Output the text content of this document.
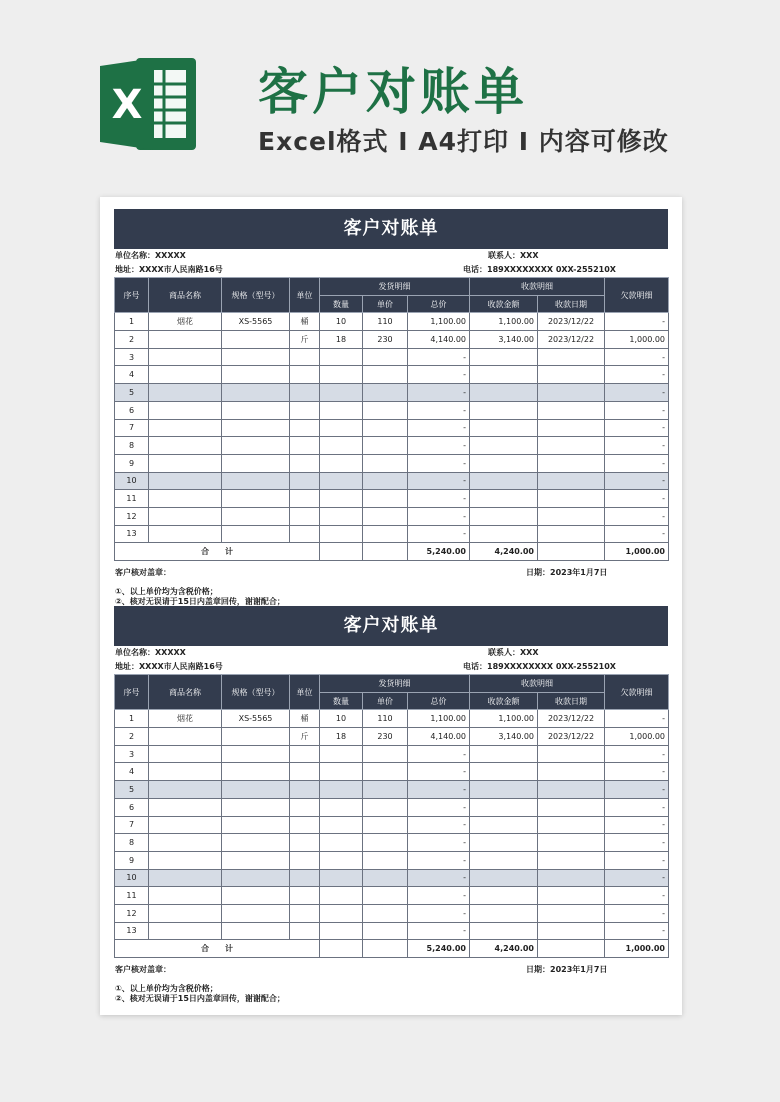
X 客户对账单
Excel格式 I A4打印 I 内容可修改
客户对账单
单位名称：XXXXX	联系人：XXX
地址：XXXX市人民南路16号	电话：189XXXXXXXX 0XX-255210X
序号	商品名称	规格（型号）	单位	发货明细			收款明细		欠款明细
				数量	单价	总价	收款金额	收款日期	
1	烟花	XS-5565	桶	10	110	1,100.00	1,100.00	2023/12/22	-
2			斤	18	230	4,140.00	3,140.00	2023/12/22	1,000.00
3						-			-
4						-			-
5						-			-
6						-			-
7						-			-
8						-			-
9						-			-
10						-			-
11						-			-
12						-			-
13						-			-
合　　计						5,240.00	4,240.00		1,000.00
客户核对盖章：	日期：2023年1月7日
①、以上单价均为含税价格；
②、核对无误请于15日内盖章回传，谢谢配合；
客户对账单
单位名称：XXXXX	联系人：XXX
地址：XXXX市人民南路16号	电话：189XXXXXXXX 0XX-255210X
序号	商品名称	规格（型号）	单位	发货明细			收款明细		欠款明细
				数量	单价	总价	收款金额	收款日期	
1	烟花	XS-5565	桶	10	110	1,100.00	1,100.00	2023/12/22	-
2			斤	18	230	4,140.00	3,140.00	2023/12/22	1,000.00
3						-			-
4						-			-
5						-			-
6						-			-
7						-			-
8						-			-
9						-			-
10						-			-
11						-			-
12						-			-
13						-			-
合　　计						5,240.00	4,240.00		1,000.00
客户核对盖章：	日期：2023年1月7日
①、以上单价均为含税价格；
②、核对无误请于15日内盖章回传，谢谢配合；
